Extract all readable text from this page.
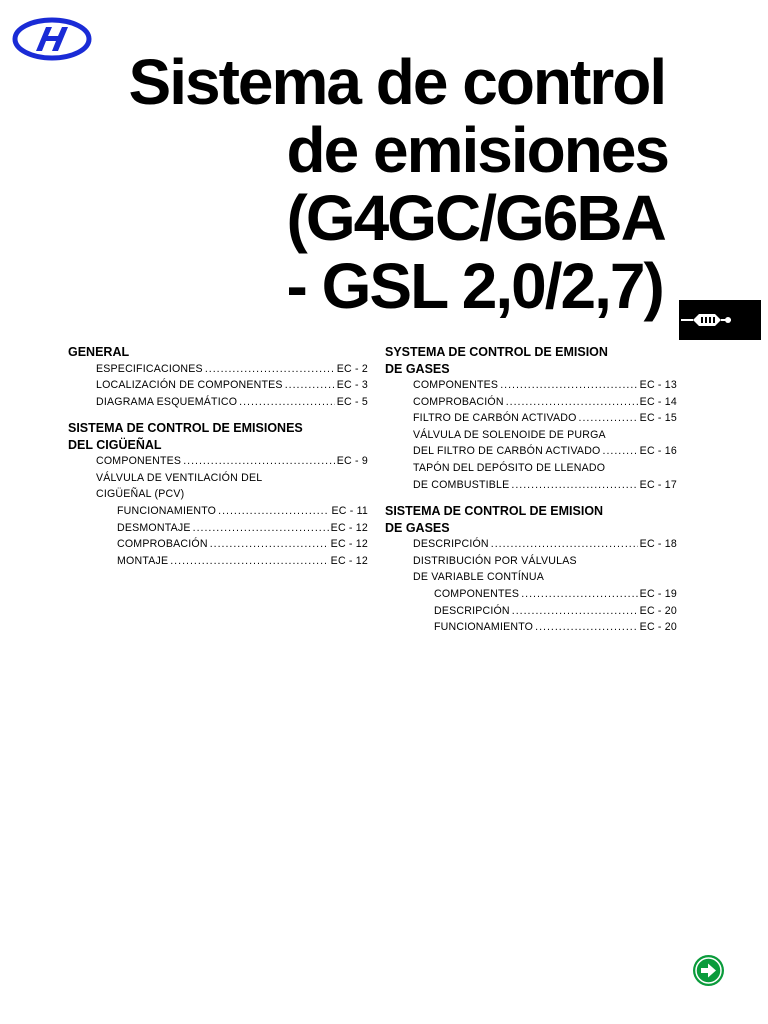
Sistema de control
de emisiones
(G4GC/G6BA
- GSL 2,0/2,7)
GENERAL
ESPECIFICACIONES .....	EC - 2
LOCALIZACIÓN DE COMPONENTES .....	EC - 3
DIAGRAMA ESQUEMÁTICO .....	EC - 5
SISTEMA DE CONTROL DE EMISIONES
DEL CIGÜEÑAL
COMPONENTES .....	EC - 9
VÁLVULA DE VENTILACIÓN DEL
CIGÜEÑAL (PCV)
FUNCIONAMIENTO .....	EC - 11
DESMONTAJE .....	EC - 12
COMPROBACIÓN .....	EC - 12
MONTAJE .....	EC - 12
SYSTEMA DE CONTROL DE EMISION
DE GASES
COMPONENTES .....	EC - 13
COMPROBACIÓN .....	EC - 14
FILTRO DE CARBÓN ACTIVADO .....	EC - 15
VÁLVULA DE SOLENOIDE DE PURGA
DEL FILTRO DE CARBÓN ACTIVADO .....	EC - 16
TAPÓN DEL DEPÓSITO DE LLENADO
DE COMBUSTIBLE .....	EC - 17
SISTEMA DE CONTROL DE EMISION
DE GASES
DESCRIPCIÓN .....	EC - 18
DISTRIBUCIÓN POR VÁLVULAS
DE VARIABLE CONTÍNUA
COMPONENTES .....	EC - 19
DESCRIPCIÓN .....	EC - 20
FUNCIONAMIENTO .....	EC - 20
